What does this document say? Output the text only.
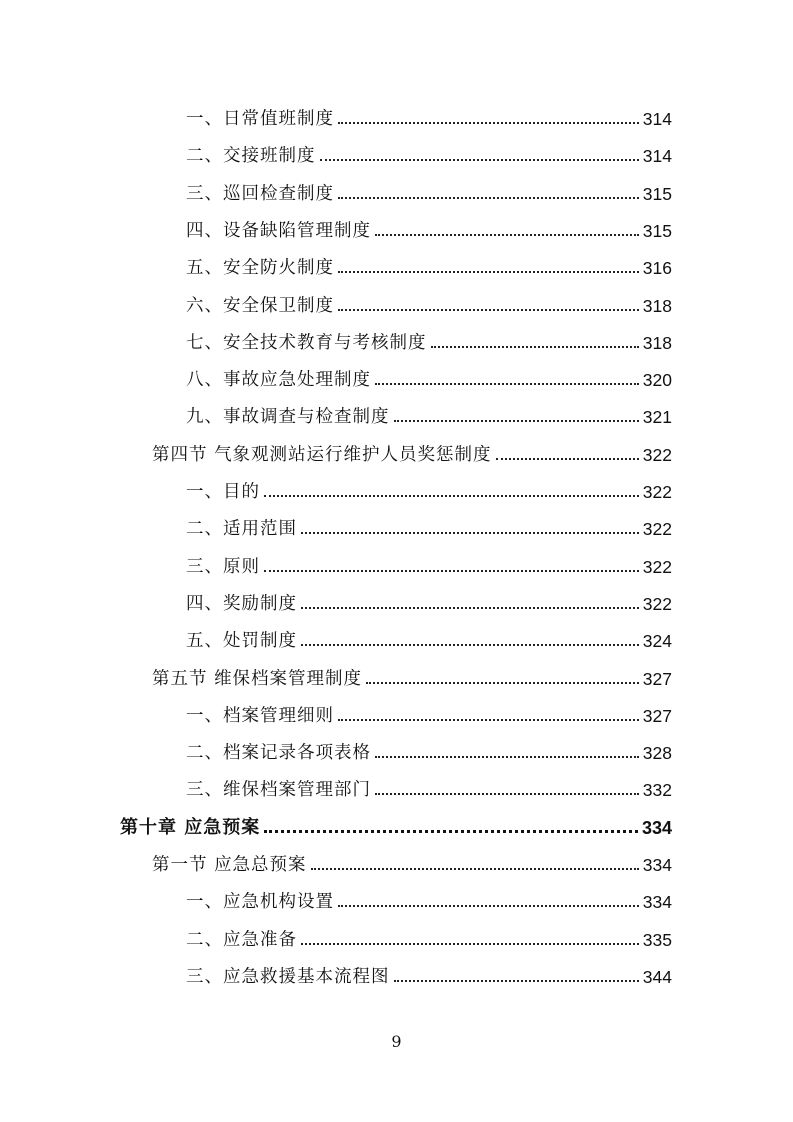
一、日常值班制度	314
二、交接班制度	314
三、巡回检查制度	315
四、设备缺陷管理制度	315
五、安全防火制度	316
六、安全保卫制度	318
七、安全技术教育与考核制度	318
八、事故应急处理制度	320
九、事故调查与检查制度	321
第四节 气象观测站运行维护人员奖惩制度	322
一、目的	322
二、适用范围	322
三、原则	322
四、奖励制度	322
五、处罚制度	324
第五节 维保档案管理制度	327
一、档案管理细则	327
二、档案记录各项表格	328
三、维保档案管理部门	332
第十章 应急预案	334
第一节 应急总预案	334
一、应急机构设置	334
二、应急准备	335
三、应急救援基本流程图	344
9
